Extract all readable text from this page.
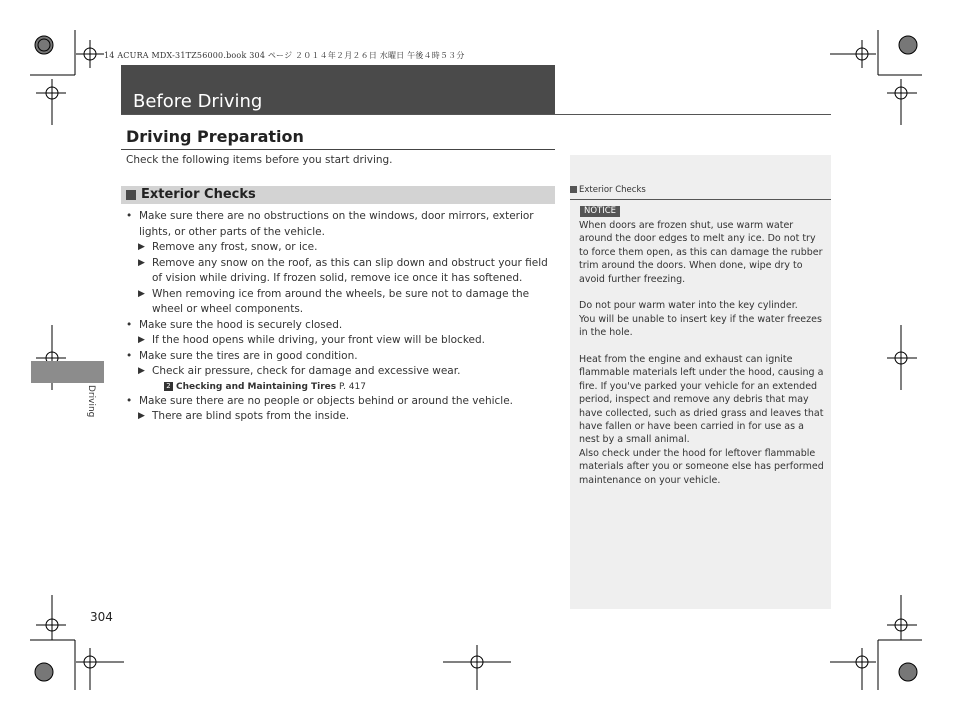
14 ACURA MDX-31TZ56000.book 304 ページ ２０１４年２月２６日 水曜日 午後４時５３分
Before Driving
Driving Preparation
Check the following items before you start driving.
Exterior Checks
• Make sure there are no obstructions on the windows, door mirrors, exterior lights, or other parts of the vehicle.
▶ Remove any frost, snow, or ice.
▶ Remove any snow on the roof, as this can slip down and obstruct your field of vision while driving. If frozen solid, remove ice once it has softened.
▶ When removing ice from around the wheels, be sure not to damage the wheel or wheel components.
• Make sure the hood is securely closed.
▶ If the hood opens while driving, your front view will be blocked.
• Make sure the tires are in good condition.
▶ Check air pressure, check for damage and excessive wear.
2 Checking and Maintaining Tires P. 417
• Make sure there are no people or objects behind or around the vehicle.
▶ There are blind spots from the inside.
Exterior Checks
NOTICE

When doors are frozen shut, use warm water around the door edges to melt any ice. Do not try to force them open, as this can damage the rubber trim around the doors. When done, wipe dry to avoid further freezing.

Do not pour warm water into the key cylinder.

You will be unable to insert key if the water freezes in the hole.

Heat from the engine and exhaust can ignite flammable materials left under the hood, causing a fire. If you've parked your vehicle for an extended period, inspect and remove any debris that may have collected, such as dried grass and leaves that have fallen or have been carried in for use as a nest by a small animal.

Also check under the hood for leftover flammable materials after you or someone else has performed maintenance on your vehicle.

Driving
304
